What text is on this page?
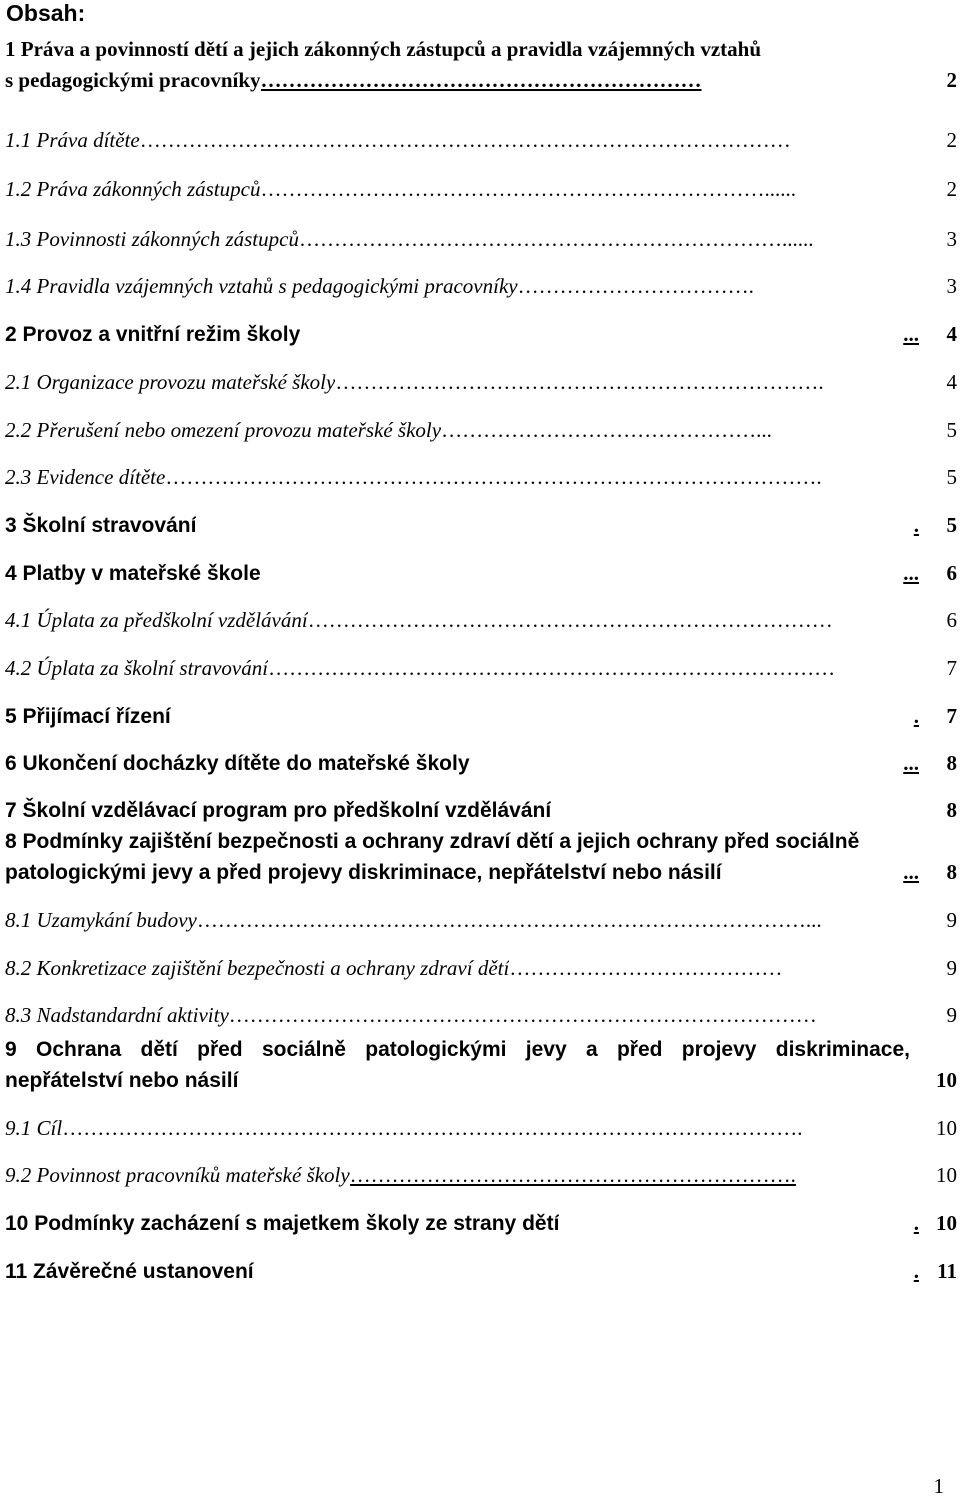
Obsah:
1 Práva a povinností dětí a jejich zákonných zástupců a pravidla vzájemných vztahů
s pedagogickými pracovníky ………………………………………………………	2
1.1 Práva dítěte …………………………………………………………………………………	2
1.2 Práva zákonných zástupců ………………………………………………………………......	2
1.3 Povinnosti zákonných zástupců ……………………………………………………………......	3
1.4 Pravidla vzájemných vztahů s pedagogickými pracovníky …………………………….	3
2 Provoz a vnitřní režim školy	...	4
2.1 Organizace provozu mateřské školy …………………………………………………………….	4
2.2 Přerušení nebo omezení provozu mateřské školy ………………………………………...	5
2.3 Evidence dítěte ………………………………………………………………………………….	5
3 Školní stravování	.	5
4 Platby v mateřské škole	...	6
4.1 Úplata za předškolní vzdělávání …………………………………………………………………	6
4.2 Úplata za školní stravování ………………………………………………………………………	7
5 Přijímací řízení	.	7
6 Ukončení docházky dítěte do mateřské školy	...	8
7 Školní vzdělávací program pro předškolní vzdělávání	8
8 Podmínky zajištění bezpečnosti a ochrany zdraví dětí a jejich ochrany před sociálně
patologickými jevy a před projevy diskriminace, nepřátelství nebo násilí	...	8
8.1 Uzamykání budovy ……………………………………………………………………………...	9
8.2 Konkretizace zajištění bezpečnosti a ochrany zdraví dětí …………………………………	9
8.3 Nadstandardní aktivity …………………………………………………………………………	9
9 Ochrana dětí před sociálně patologickými jevy a před projevy diskriminace,
nepřátelství nebo násilí	10
9.1 Cíl …………………………………………………………………………………………….	10
9.2 Povinnost pracovníků mateřské školy ……………………………………………………….	10
10 Podmínky zacházení s majetkem školy ze strany dětí	. 10
11 Závěrečné ustanovení	. 11
1
